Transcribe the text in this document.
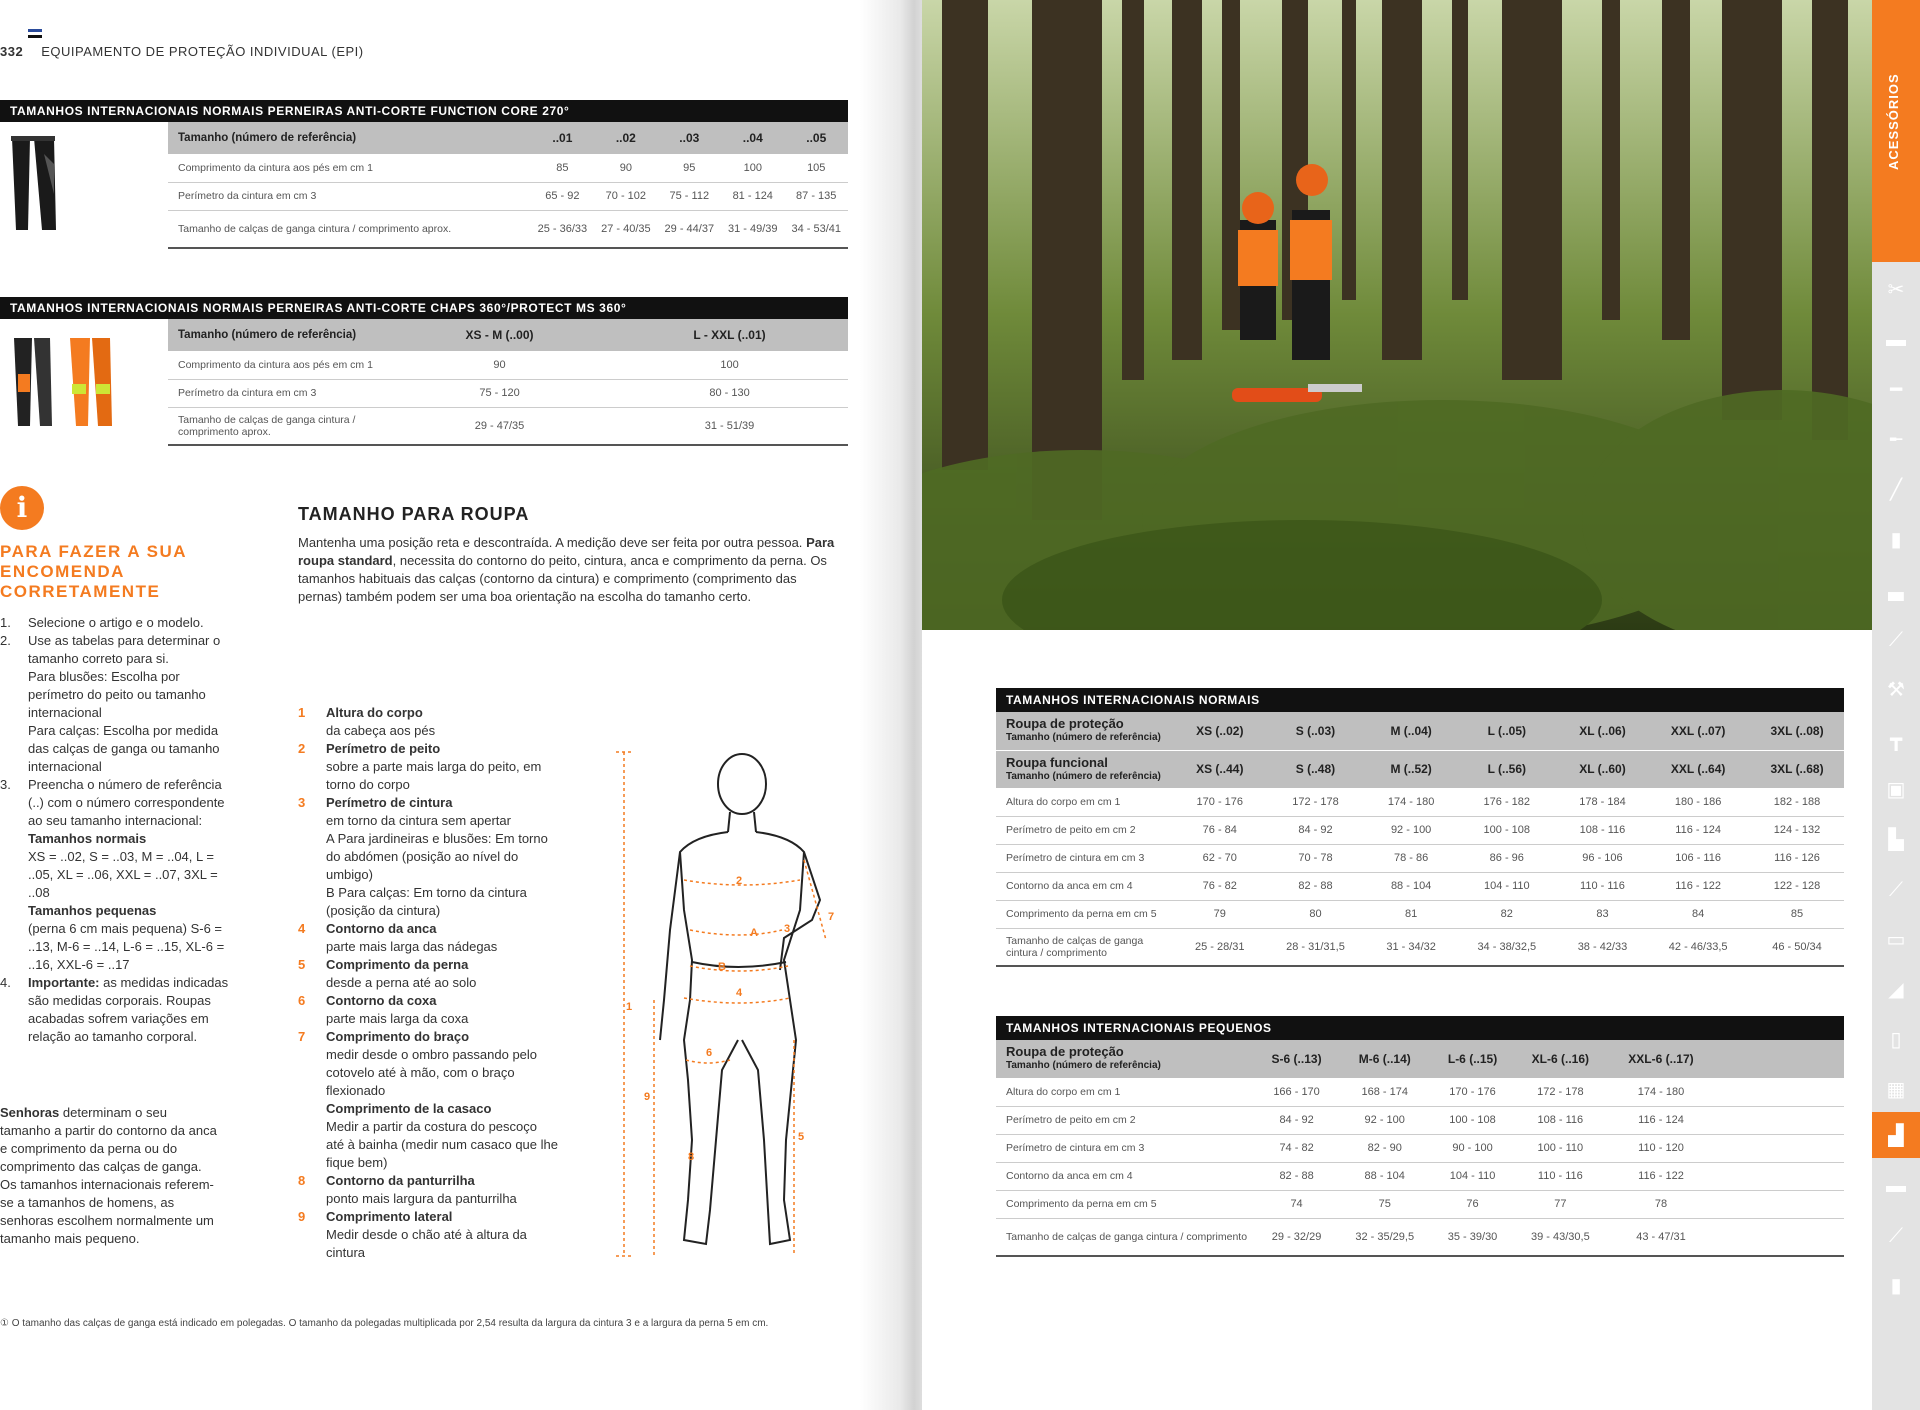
332 EQUIPAMENTO DE PROTEÇÃO INDIVIDUAL (EPI)
TAMANHOS INTERNACIONAIS NORMAIS PERNEIRAS ANTI-CORTE FUNCTION CORE 270°
Tamanho (número de referência)	..01	..02	..03	..04	..05
Comprimento da cintura aos pés em cm 1	85	90	95	100	105
Perímetro da cintura em cm 3	65 - 92	70 - 102	75 - 112	81 - 124	87 - 135
Tamanho de calças de ganga cintura / comprimento aprox.	25 - 36/33	27 - 40/35	29 - 44/37	31 - 49/39	34 - 53/41
TAMANHOS INTERNACIONAIS NORMAIS PERNEIRAS ANTI-CORTE CHAPS 360°/PROTECT MS 360°
Tamanho (número de referência)	XS - M (..00)	L - XXL (..01)
Comprimento da cintura aos pés em cm 1	90	100
Perímetro da cintura em cm 3	75 - 120	80 - 130
Tamanho de calças de ganga cintura / comprimento aprox.	29 - 47/35	31 - 51/39
i
PARA FAZER A SUA ENCOMENDA CORRETAMENTE
1.	Selecione o artigo e o modelo.
2.	Use as tabelas para determinar o tamanho correto para si.

Para blusões: Escolha por perímetro do peito ou tamanho internacional

Para calças: Escolha por medida das calças de ganga ou tamanho internacional

3.	Preencha o número de referência (..) com o número correspondente ao seu tamanho internacional:

Tamanhos normais

XS = ..02, S = ..03, M = ..04, L = ..05, XL = ..06, XXL = ..07, 3XL = ..08

Tamanhos pequenas

(perna 6 cm mais pequena) S-6 = ..13, M-6 = ..14, L-6 = ..15, XL-6 = ..16, XXL-6 = ..17

4.	Importante: as medidas indicadas são medidas corporais. Roupas acabadas sofrem variações em relação ao tamanho corporal.

Senhoras determinam o seu tamanho a partir do contorno da anca e comprimento da perna ou do comprimento das calças de ganga. Os tamanhos internacionais referem-se a tamanhos de homens, as senhoras escolhem normalmente um tamanho mais pequeno.

TAMANHO PARA ROUPA

Mantenha uma posição reta e descontraída. A medição deve ser feita por outra pessoa. Para roupa standard, necessita do contorno do peito, cintura, anca e comprimento da perna. Os tamanhos habituais das calças (contorno da cintura) e comprimento (comprimento das pernas) também podem ser uma boa orientação na escolha do tamanho certo.

1	Altura do corpo
da cabeça aos pés
2	Perímetro de peito
sobre a parte mais larga do peito, em torno do corpo
3	Perímetro de cintura
em torno da cintura sem apertar
A Para jardineiras e blusões: Em torno do abdómen (posição ao nível do umbigo)
B Para calças: Em torno da cintura (posição da cintura)
4	Contorno da anca
parte mais larga das nádegas
5	Comprimento da perna
desde a perna até ao solo
6	Contorno da coxa
parte mais larga da coxa
7	Comprimento do braço
medir desde o ombro passando pelo cotovelo até à mão, com o braço flexionado
Comprimento de la casaco
Medir a partir da costura do pescoço até à bainha (medir num casaco que lhe fique bem)
8	Contorno da panturrilha
ponto mais largura da panturrilha
9	Comprimento lateral
Medir desde o chão até à altura da cintura
1
2
3
4
5
6
7
8
9
A
B
① O tamanho das calças de ganga está indicado em polegadas. O tamanho da polegadas multiplicada por 2,54 resulta da largura da cintura 3 e a largura da perna 5 em cm.
TAMANHOS INTERNACIONAIS NORMAIS
Roupa de proteção
Tamanho (número de referência)	XS (..02)	S (..03)	M (..04)	L (..05)	XL (..06)	XXL (..07)	3XL (..08)

Roupa funcional
Tamanho (número de referência)	XS (..44)	S (..48)	M (..52)	L (..56)	XL (..60)	XXL (..64)	3XL (..68)
Altura do corpo em cm 1	170 - 176	172 - 178	174 - 180	176 - 182	178 - 184	180 - 186	182 - 188
Perímetro de peito em cm 2	76 - 84	84 - 92	92 - 100	100 - 108	108 - 116	116 - 124	124 - 132
Perímetro de cintura em cm 3	62 - 70	70 - 78	78 - 86	86 - 96	96 - 106	106 - 116	116 - 126
Contorno da anca em cm 4	76 - 82	82 - 88	88 - 104	104 - 110	110 - 116	116 - 122	122 - 128
Comprimento da perna em cm 5	79	80	81	82	83	84	85
Tamanho de calças de ganga cintura / comprimento	25 - 28/31	28 - 31/31,5	31 - 34/32	34 - 38/32,5	38 - 42/33	42 - 46/33,5	46 - 50/34
TAMANHOS INTERNACIONAIS PEQUENOS
Roupa de proteção
Tamanho (número de referência)	S-6 (..13)	M-6 (..14)	L-6 (..15)	XL-6 (..16)	XXL-6 (..17)	
Altura do corpo em cm 1	166 - 170	168 - 174	170 - 176	172 - 178	174 - 180	
Perímetro de peito em cm 2	84 - 92	92 - 100	100 - 108	108 - 116	116 - 124	
Perímetro de cintura em cm 3	74 - 82	82 - 90	90 - 100	100 - 110	110 - 120	
Contorno da anca em cm 4	82 - 88	88 - 104	104 - 110	110 - 116	116 - 122	
Comprimento da perna em cm 5	74	75	76	77	78	
Tamanho de calças de ganga cintura / comprimento	29 - 32/29	32 - 35/29,5	35 - 39/30	39 - 43/30,5	43 - 47/31	
ACESSÓRIOS
✂
▬
━
╾
╱
▮
▃
⟋
⚒
┳
▣
▙
⟋
▭
◢
▯
▦
▟
▬
⟋
▮
